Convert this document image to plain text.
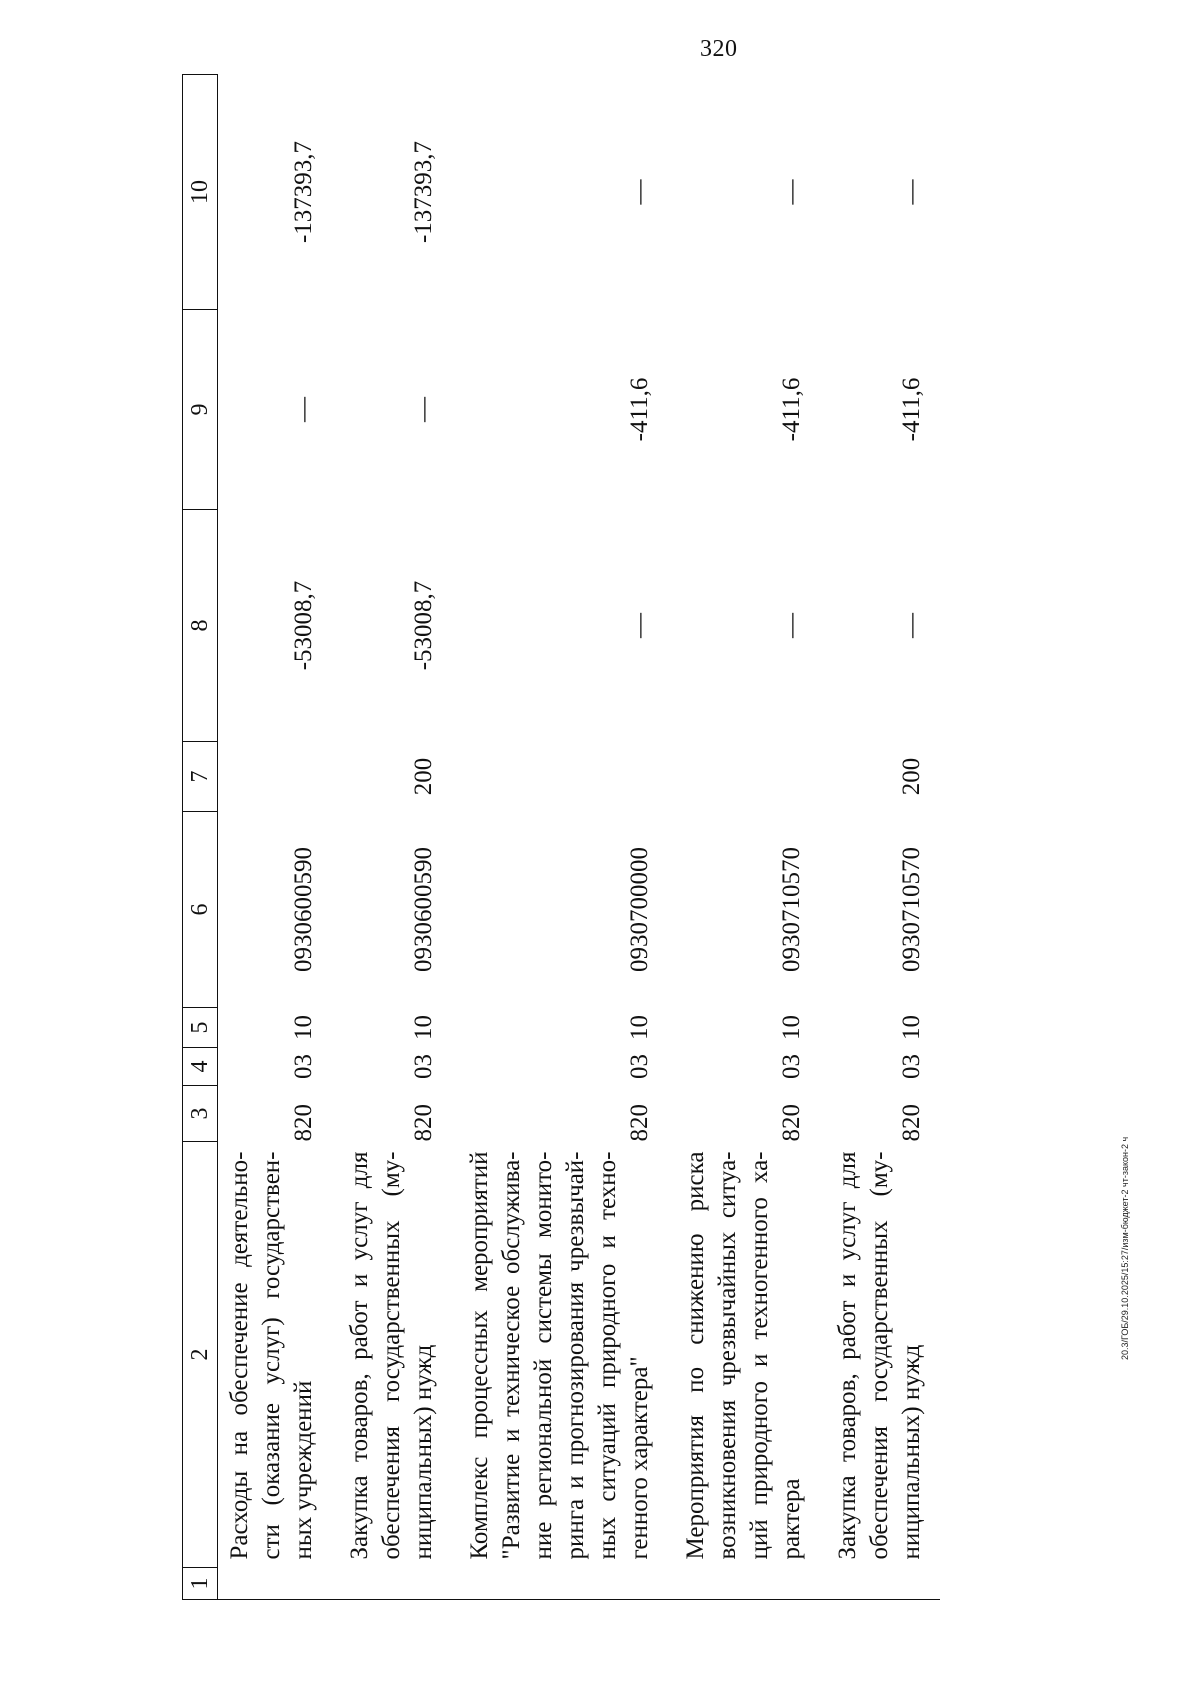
320
1	2	3	4	5	6	7	8	9	10
	Расходы на обеспечение деятельно-сти (оказание услуг) государствен-ных учреждений	820	03	10	0930600590		-53008,7	—	-137393,7
	Закупка товаров, работ и услуг для обеспечения государственных (му-ниципальных) нужд	820	03	10	0930600590	200	-53008,7	—	-137393,7
	Комплекс процессных мероприятий "Развитие и техническое обслужива-ние региональной системы монито-ринга и прогнозирования чрезвычай-ных ситуаций природного и техно-генного характера"	820	03	10	0930700000		—	-411,6	—
	Мероприятия по снижению риска возникновения чрезвычайных ситуа-ций природного и техногенного ха-рактера	820	03	10	0930710570		—	-411,6	—
	Закупка товаров, работ и услуг для обеспечения государственных (му-ниципальных) нужд	820	03	10	0930710570	200	—	-411,6	—
20.3/ГОБ/29.10.2025/15:27/изм-бюджет-2 чт-закон-2 ч
